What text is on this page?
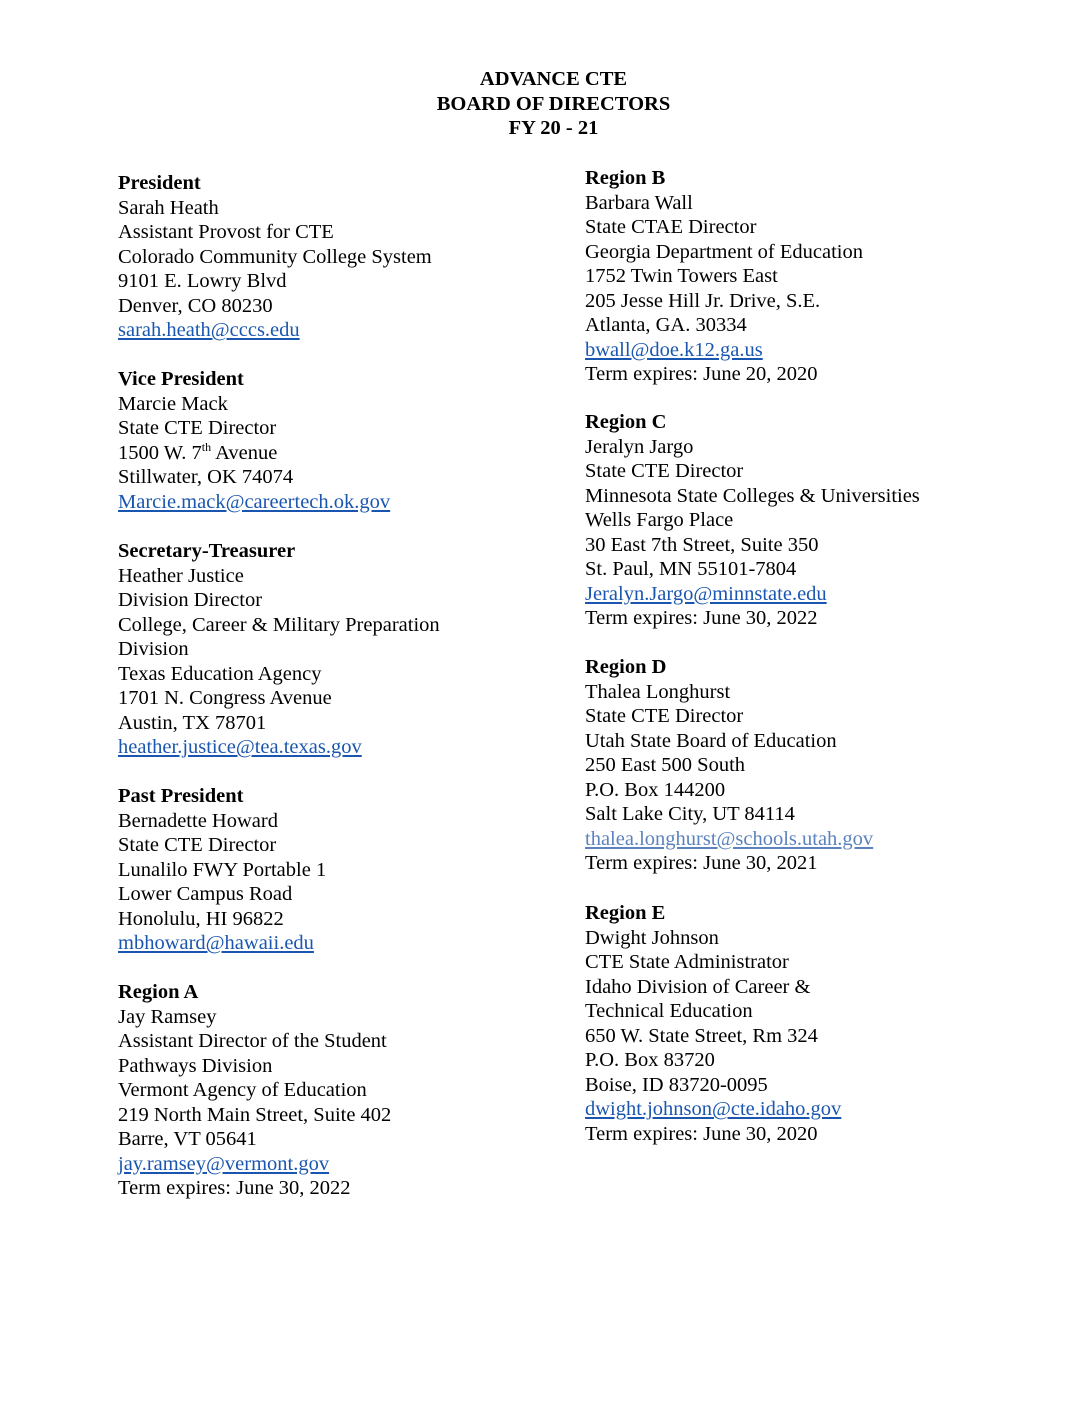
ADVANCE CTE
BOARD OF DIRECTORS
FY 20 - 21
President
Sarah Heath
Assistant Provost for CTE
Colorado Community College System
9101 E. Lowry Blvd
Denver, CO 80230
sarah.heath@cccs.edu
Vice President
Marcie Mack
State CTE Director
1500 W. 7th Avenue
Stillwater, OK 74074
Marcie.mack@careertech.ok.gov
Secretary-Treasurer
Heather Justice
Division Director
College, Career & Military Preparation
Division
Texas Education Agency
1701 N. Congress Avenue
Austin, TX 78701
heather.justice@tea.texas.gov
Past President
Bernadette Howard
State CTE Director
Lunalilo FWY Portable 1
Lower Campus Road
Honolulu, HI 96822
mbhoward@hawaii.edu
Region A
Jay Ramsey
Assistant Director of the Student
Pathways Division
Vermont Agency of Education
219 North Main Street, Suite 402
Barre, VT 05641
jay.ramsey@vermont.gov
Term expires: June 30, 2022
Region B
Barbara Wall
State CTAE Director
Georgia Department of Education
1752 Twin Towers East
205 Jesse Hill Jr. Drive, S.E.
Atlanta, GA. 30334
bwall@doe.k12.ga.us
Term expires: June 20, 2020
Region C
Jeralyn Jargo
State CTE Director
Minnesota State Colleges & Universities
Wells Fargo Place
30 East 7th Street, Suite 350
St. Paul, MN 55101-7804
Jeralyn.Jargo@minnstate.edu
Term expires: June 30, 2022
Region D
Thalea Longhurst
State CTE Director
Utah State Board of Education
250 East 500 South
P.O. Box 144200
Salt Lake City, UT 84114
thalea.longhurst@schools.utah.gov
Term expires: June 30, 2021
Region E
Dwight Johnson
CTE State Administrator
Idaho Division of Career &
Technical Education
650 W. State Street, Rm 324
P.O. Box 83720
Boise, ID 83720-0095
dwight.johnson@cte.idaho.gov
Term expires: June 30, 2020
